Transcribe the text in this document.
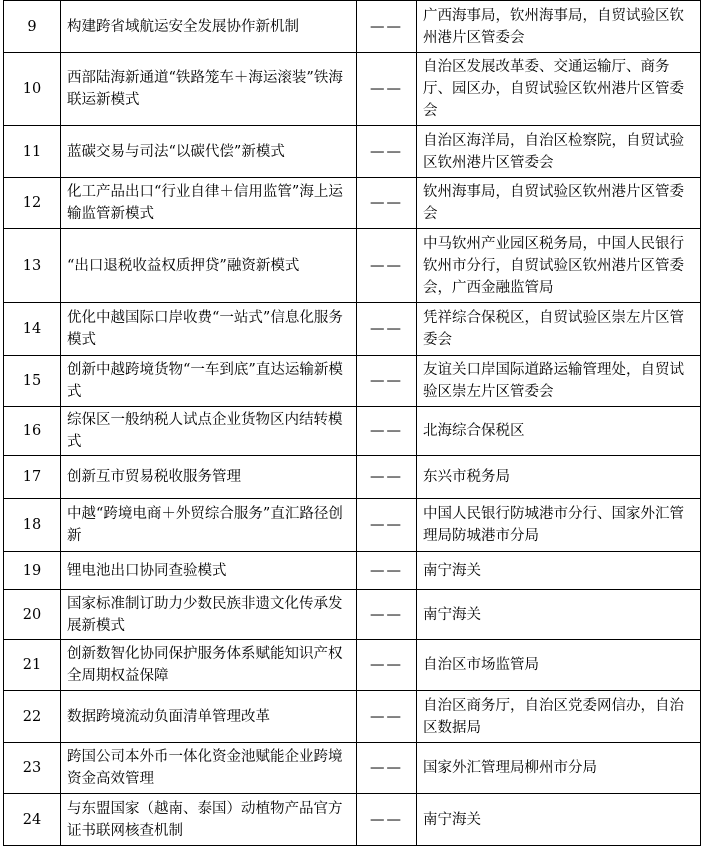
9	构建跨省域航运安全发展协作新机制	——	广西海事局，钦州海事局，自贸试验区钦州港片区管委会
10	西部陆海新通道“铁路笼车＋海运滚装”铁海联运新模式	——	自治区发展改革委、交通运输厅、商务厅、园区办，自贸试验区钦州港片区管委会
11	蓝碳交易与司法“以碳代偿”新模式	——	自治区海洋局，自治区检察院，自贸试验区钦州港片区管委会
12	化工产品出口“行业自律＋信用监管”海上运输监管新模式	——	钦州海事局，自贸试验区钦州港片区管委会
13	“出口退税收益权质押贷”融资新模式	——	中马钦州产业园区税务局，中国人民银行钦州市分行，自贸试验区钦州港片区管委会，广西金融监管局
14	优化中越国际口岸收费“一站式”信息化服务模式	——	凭祥综合保税区，自贸试验区崇左片区管委会
15	创新中越跨境货物“一车到底”直达运输新模式	——	友谊关口岸国际道路运输管理处，自贸试验区崇左片区管委会
16	综保区一般纳税人试点企业货物区内结转模式	——	北海综合保税区
17	创新互市贸易税收服务管理	——	东兴市税务局
18	中越“跨境电商＋外贸综合服务”直汇路径创新	——	中国人民银行防城港市分行、国家外汇管理局防城港市分局
19	锂电池出口协同查验模式	——	南宁海关
20	国家标准制订助力少数民族非遗文化传承发展新模式	——	南宁海关
21	创新数智化协同保护服务体系赋能知识产权全周期权益保障	——	自治区市场监管局
22	数据跨境流动负面清单管理改革	——	自治区商务厅，自治区党委网信办，自治区数据局
23	跨国公司本外币一体化资金池赋能企业跨境资金高效管理	——	国家外汇管理局柳州市分局
24	与东盟国家（越南、泰国）动植物产品官方证书联网核查机制	——	南宁海关
